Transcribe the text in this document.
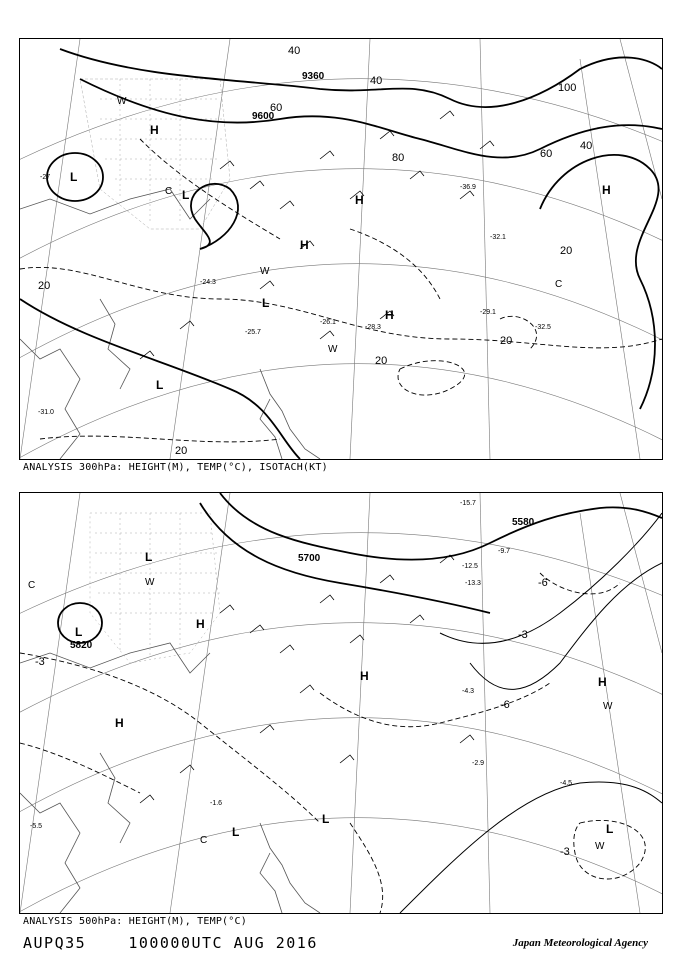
9360
9600
20
20
20
20
20
40
40
40
60
60
80
100
H
H
H
H
H
L
L
L
L
W
W
W
C
C
-27
-29.1
-32.5
-26.1
-28.3
-25.7
-32.1
-31.0
-24.3
-36.9
ANALYSIS 300hPa: HEIGHT(M), TEMP(°C), ISOTACH(KT)
5580
5700
5820
-3
-3
-6
-6
-3
H
H
H
H
L
L
L
L
L
W
W
W
C
C
-2.9
-4.5
-4.3
-5.5
-9.7
-12.5
-13.3
-15.7
-1.6
ANALYSIS 500hPa: HEIGHT(M), TEMP(°C)
AUPQ35	100000UTC AUG 2016	Japan Meteorological Agency
